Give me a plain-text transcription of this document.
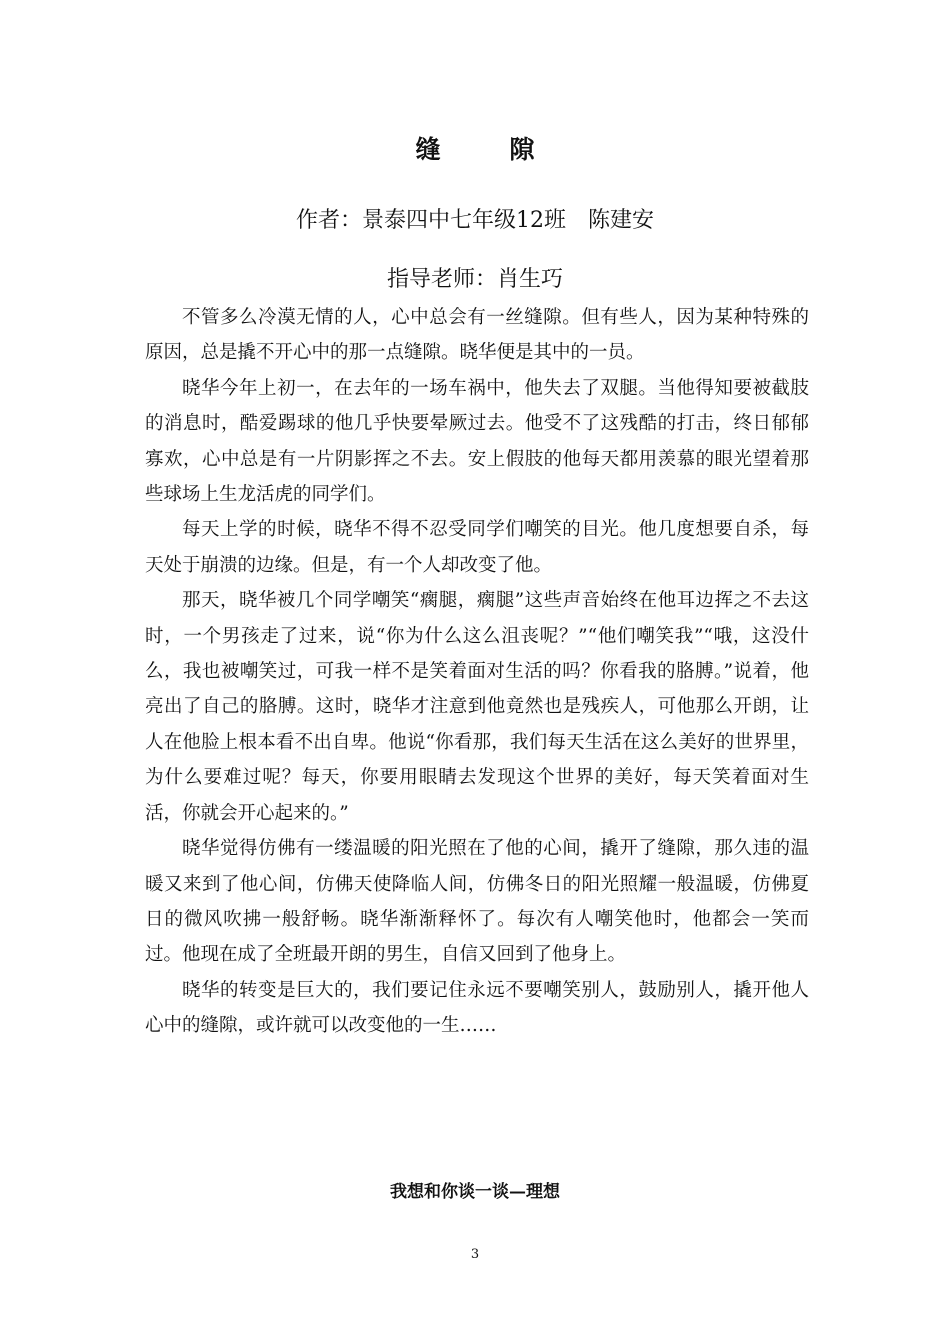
缝　隙
作者：景泰四中七年级12班　陈建安
指导老师：肖生巧

不管多么冷漠无情的人，心中总会有一丝缝隙。但有些人，因为某种特殊的原因，总是撬不开心中的那一点缝隙。晓华便是其中的一员。

晓华今年上初一，在去年的一场车祸中，他失去了双腿。当他得知要被截肢的消息时，酷爱踢球的他几乎快要晕厥过去。他受不了这残酷的打击，终日郁郁寡欢，心中总是有一片阴影挥之不去。安上假肢的他每天都用羡慕的眼光望着那些球场上生龙活虎的同学们。

每天上学的时候，晓华不得不忍受同学们嘲笑的目光。他几度想要自杀，每天处于崩溃的边缘。但是，有一个人却改变了他。

那天，晓华被几个同学嘲笑“瘸腿，瘸腿”这些声音始终在他耳边挥之不去这时，一个男孩走了过来，说“你为什么这么沮丧呢？”“他们嘲笑我”“哦，这没什么，我也被嘲笑过，可我一样不是笑着面对生活的吗？你看我的胳膊。”说着，他亮出了自己的胳膊。这时，晓华才注意到他竟然也是残疾人，可他那么开朗，让人在他脸上根本看不出自卑。他说“你看那，我们每天生活在这么美好的世界里，为什么要难过呢？每天，你要用眼睛去发现这个世界的美好，每天笑着面对生活，你就会开心起来的。”

晓华觉得仿佛有一缕温暖的阳光照在了他的心间，撬开了缝隙，那久违的温暖又来到了他心间，仿佛天使降临人间，仿佛冬日的阳光照耀一般温暖，仿佛夏日的微风吹拂一般舒畅。晓华渐渐释怀了。每次有人嘲笑他时，他都会一笑而过。他现在成了全班最开朗的男生，自信又回到了他身上。

晓华的转变是巨大的，我们要记住永远不要嘲笑别人，鼓励别人，撬开他人心中的缝隙，或许就可以改变他的一生……

我想和你谈一谈—理想
3
